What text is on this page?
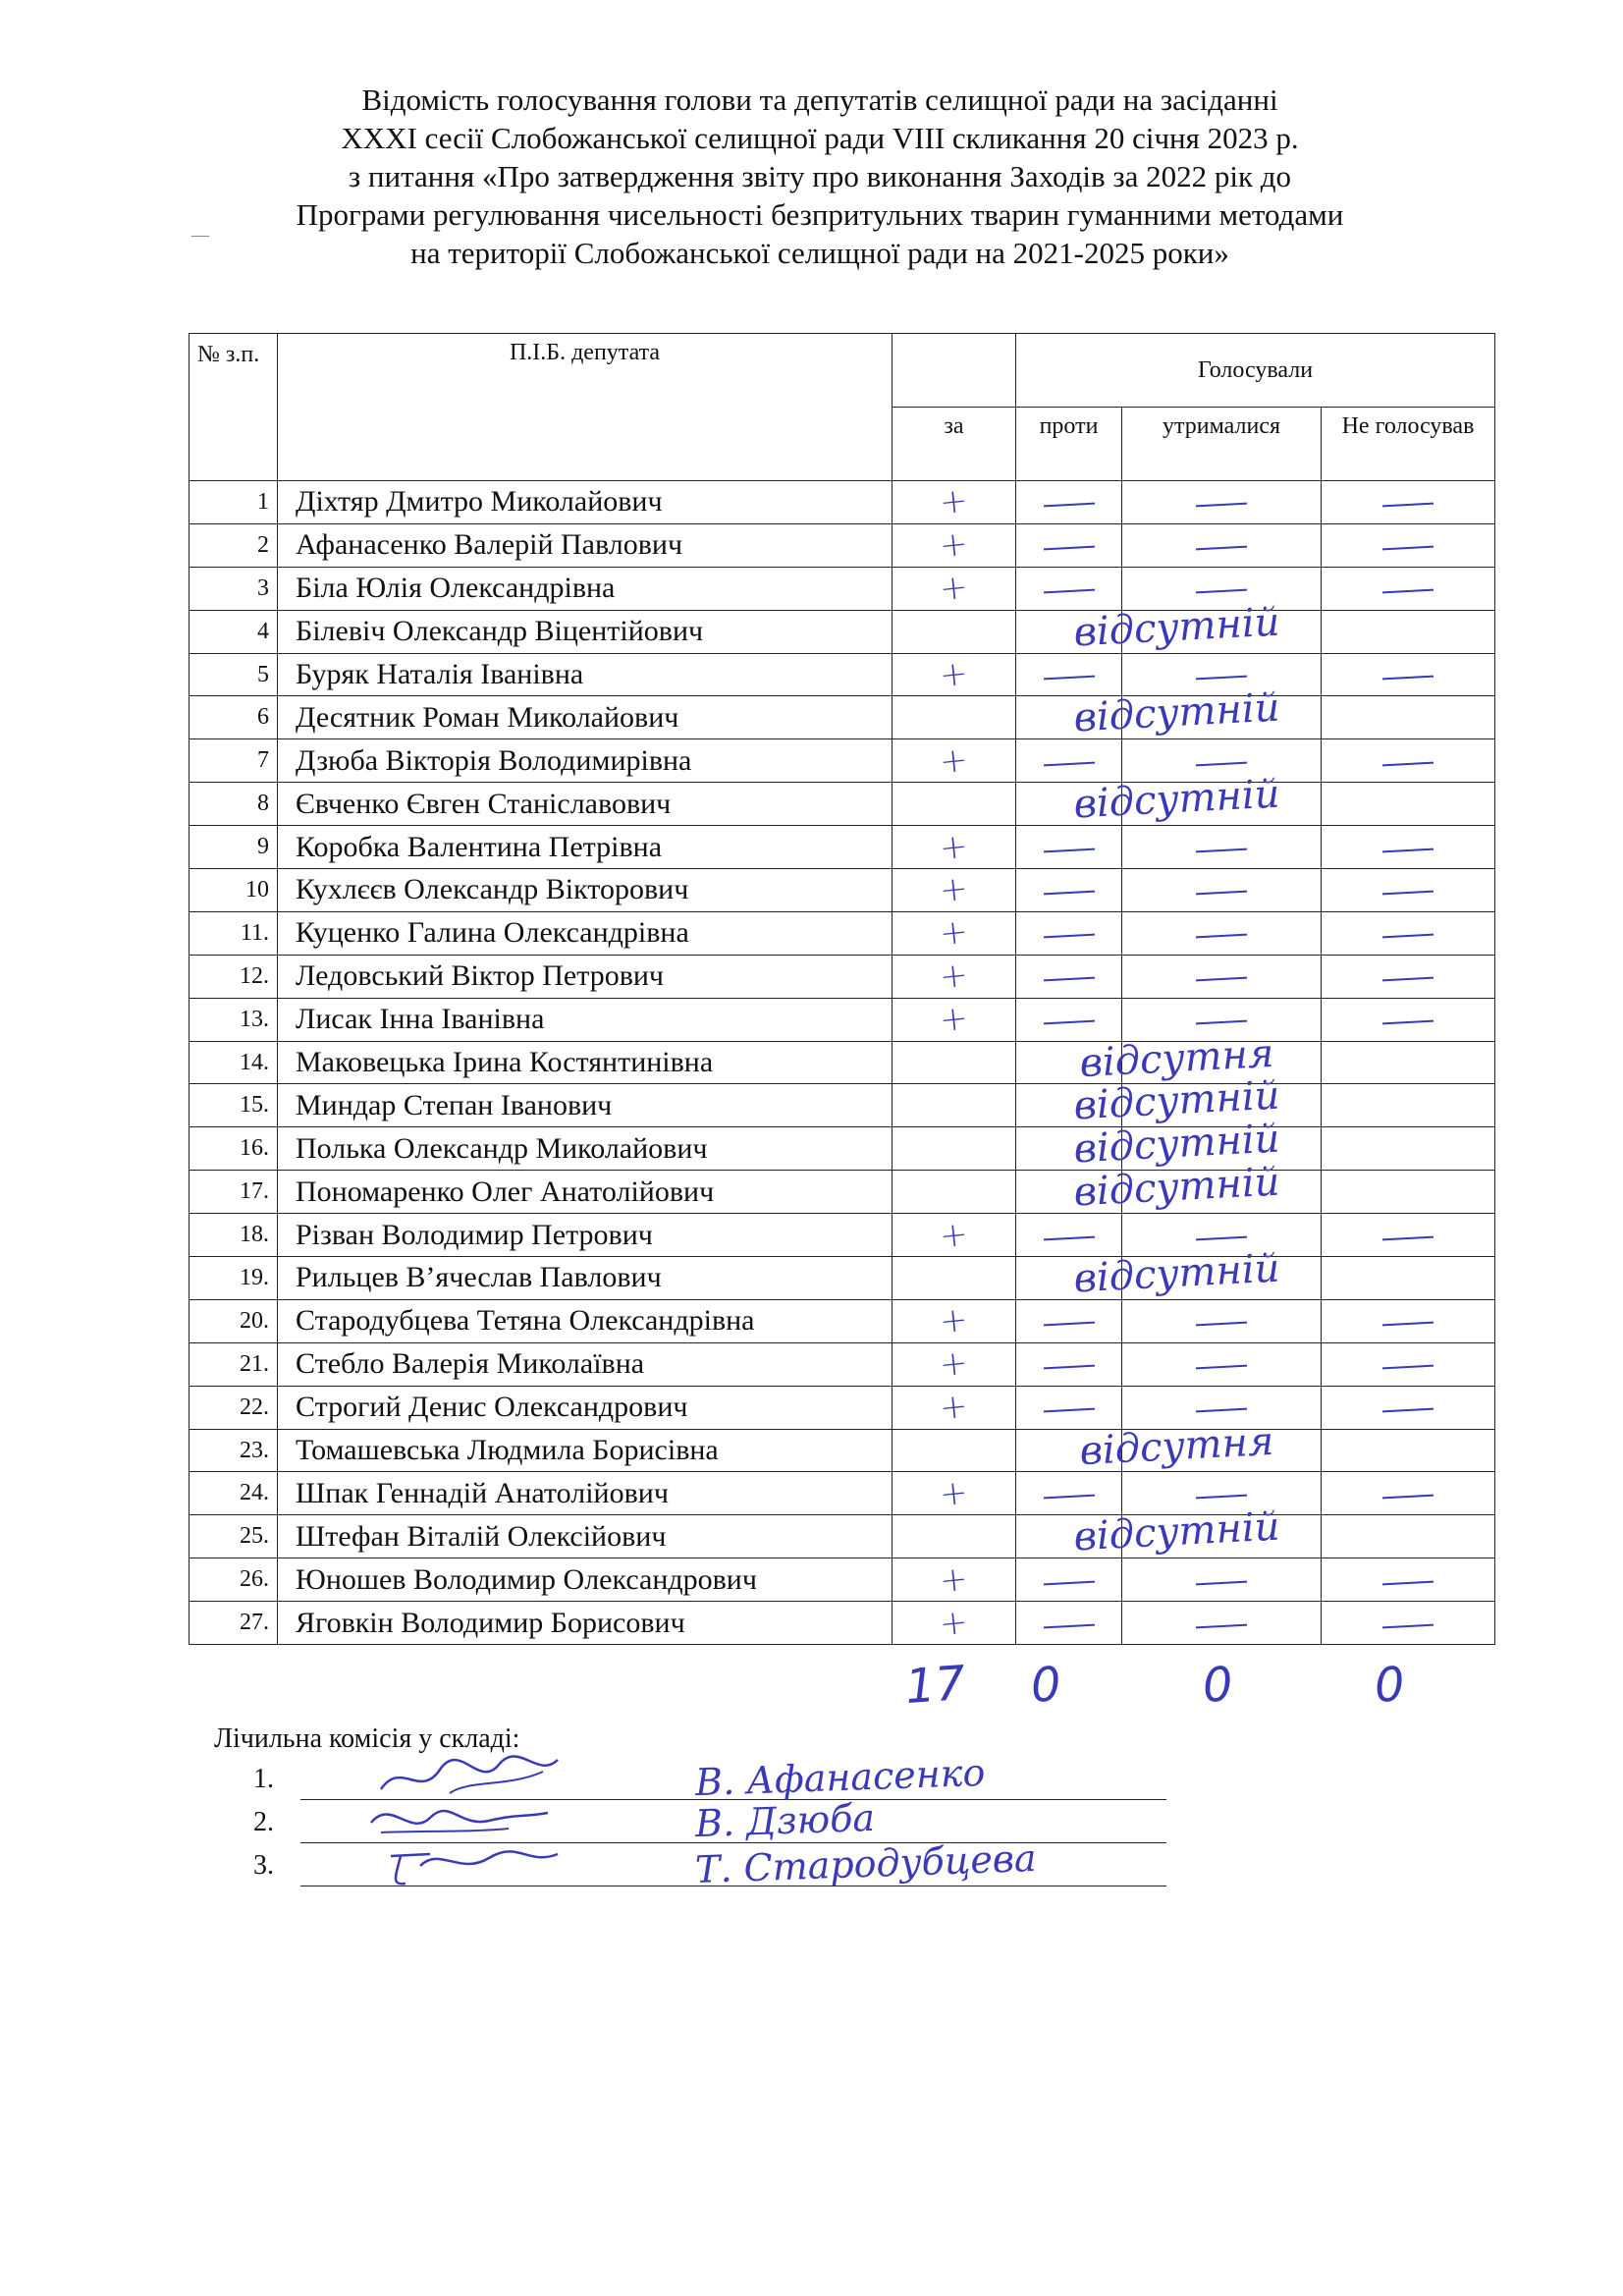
Відомість голосування голови та депутатів селищної ради на засіданні
XXXI сесії Слобожанської селищної ради VIII скликання 20 січня 2023 р.
з питання «Про затвердження звіту про виконання Заходів за 2022 рік до
Програми регулювання чисельності безпритульних тварин гуманними методами
на території Слобожанської селищної ради на 2021-2025 роки»
№ з.п.	П.І.Б. депутата		Голосували		
		за	проти	утрималися	Не голосував
1	Діхтяр Дмитро Миколайович	+			
2	Афанасенко Валерій Павлович	+			
3	Біла Юлія Олександрівна	+			
4	Білевіч Олександр Віцентійович		відсутній		

5	Буряк Наталія Іванівна	+			
6	Десятник Роман Миколайович		відсутній		

7	Дзюба Вікторія Володимирівна	+			
8	Євченко Євген Станіславович		відсутній		

9	Коробка Валентина Петрівна	+			
10	Кухлєєв Олександр Вікторович	+			
11.	Куценко Галина Олександрівна	+			
12.	Ледовський Віктор Петрович	+			
13.	Лисак Інна Іванівна	+			
14.	Маковецька Ірина Костянтинівна		відсутня		

15.	Миндар Степан Іванович		відсутній		

16.	Полька Олександр Миколайович		відсутній		

17.	Пономаренко Олег Анатолійович		відсутній		

18.	Різван Володимир Петрович	+			
19.	Рильцев В’ячеслав Павлович		відсутній		

20.	Стародубцева Тетяна Олександрівна	+			
21.	Стебло Валерія Миколаївна	+			
22.	Строгий Денис Олександрович	+			
23.	Томашевська Людмила Борисівна		відсутня		

24.	Шпак Геннадій Анатолійович	+			
25.	Штефан Віталій Олексійович		відсутній		

26.	Юношев Володимир Олександрович	+			
27.	Яговкін Володимир Борисович	+			
17 0	0	0
Лічильна комісія у складі:
1.	В. Афанасенко
2.	В. Дзюба
3.	Т. Стародубцева
